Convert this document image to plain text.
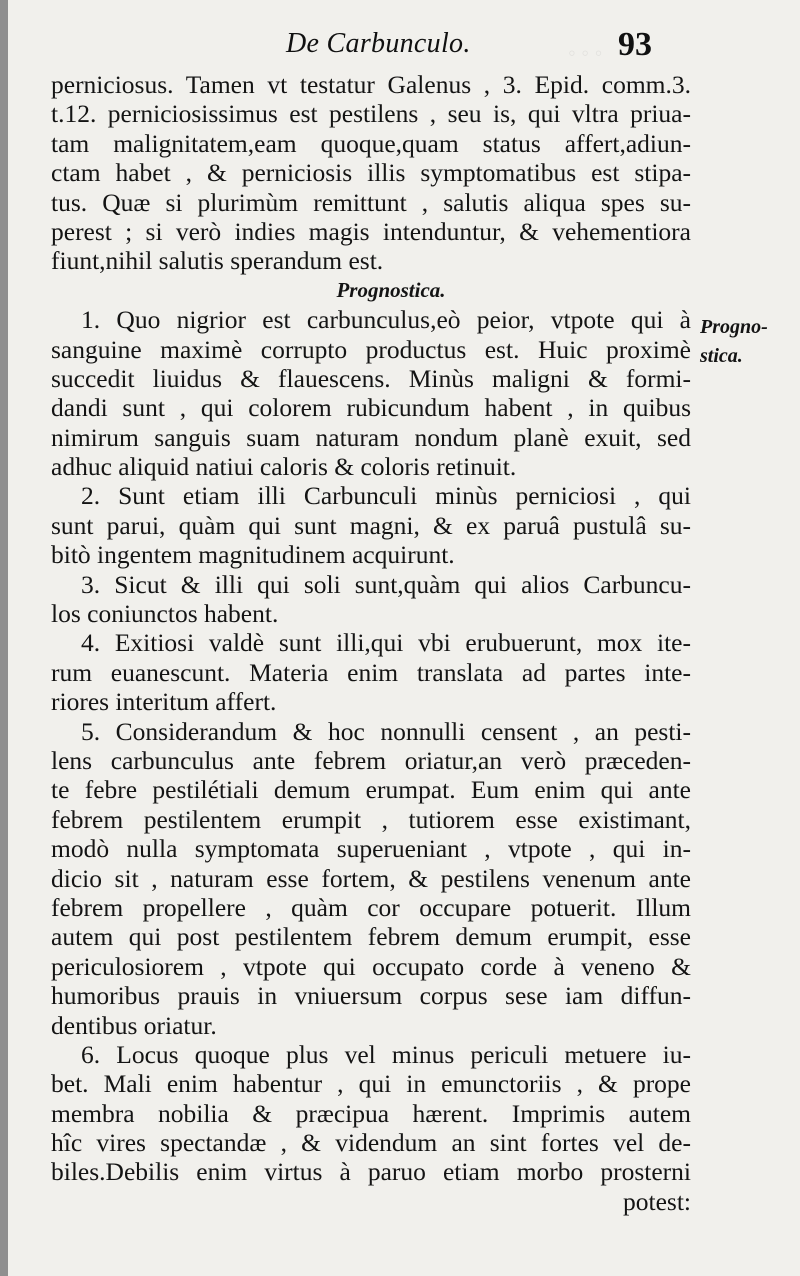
◦ ◦ ◦
De Carbunculo.	93
perniciosus. Tamen vt testatur Galenus , 3. Epid. comm.3.
t.12. perniciosissimus est pestilens , seu is, qui vltra priua-
tam malignitatem,eam quoque,quam status affert,adiun-
ctam habet , & perniciosis illis symptomatibus est stipa-
tus. Quæ si plurimùm remittunt , salutis aliqua spes su-
perest ; si verò indies magis intenduntur, & vehementiora
fiunt,nihil salutis sperandum est.
Prognostica.
1. Quo nigrior est carbunculus,eò peior, vtpote qui à
sanguine maximè corrupto productus est. Huic proximè
succedit liuidus & flauescens. Minùs maligni & formi-
dandi sunt , qui colorem rubicundum habent , in quibus
nimirum sanguis suam naturam nondum planè exuit, sed
adhuc aliquid natiui caloris & coloris retinuit.
2. Sunt etiam illi Carbunculi minùs perniciosi , qui
sunt parui, quàm qui sunt magni, & ex paruâ pustulâ su-
bitò ingentem magnitudinem acquirunt.
3. Sicut & illi qui soli sunt,quàm qui alios Carbuncu-
los coniunctos habent.
4. Exitiosi valdè sunt illi,qui vbi erubuerunt, mox ite-
rum euanescunt. Materia enim translata ad partes inte-
riores interitum affert.
5. Considerandum & hoc nonnulli censent , an pesti-
lens carbunculus ante febrem oriatur,an verò præceden-
te febre pestilétiali demum erumpat. Eum enim qui ante
febrem pestilentem erumpit , tutiorem esse existimant,
modò nulla symptomata superueniant , vtpote , qui in-
dicio sit , naturam esse fortem, & pestilens venenum ante
febrem propellere , quàm cor occupare potuerit. Illum
autem qui post pestilentem febrem demum erumpit, esse
periculosiorem , vtpote qui occupato corde à veneno &
humoribus prauis in vniuersum corpus sese iam diffun-
dentibus oriatur.
6. Locus quoque plus vel minus periculi metuere iu-
bet. Mali enim habentur , qui in emunctoriis , & prope
membra nobilia & præcipua hærent. Imprimis autem
hîc vires spectandæ , & videndum an sint fortes vel de-
biles.Debilis enim virtus à paruo etiam morbo prosterni
potest:
Progno-
stica.
